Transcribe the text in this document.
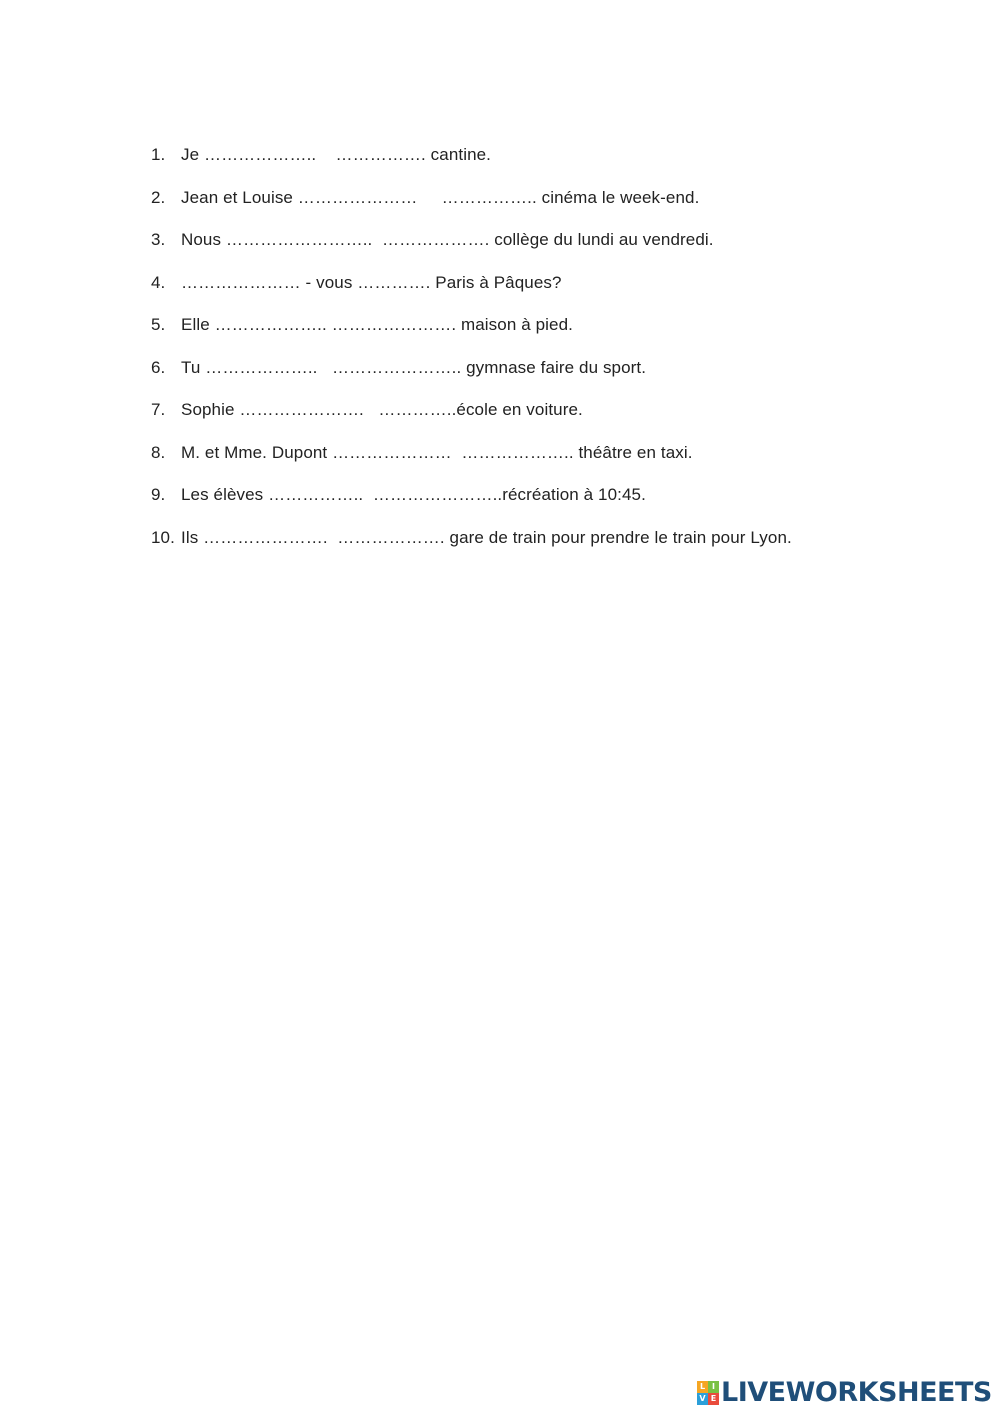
1. Je ………………..    ……………. cantine.
2. Jean et Louise …………………     …………….. cinéma le week-end.
3. Nous ……………………..  ………………. collège du lundi au vendredi.
4. ………………… - vous …………. Paris à Pâques?
5. Elle ……………….. …………………. maison à pied.
6. Tu ………………..   ………………….. gymnase faire du sport.
7. Sophie ………………….   …………..école en voiture.
8. M. et Mme. Dupont …………………  ……………….. théâtre en taxi.
9. Les élèves ……………..  …………………..récréation à 10:45.
10. Ils ………………….  ………………. gare de train pour prendre le train pour Lyon.
L I
V E LIVEWORKSHEETS
